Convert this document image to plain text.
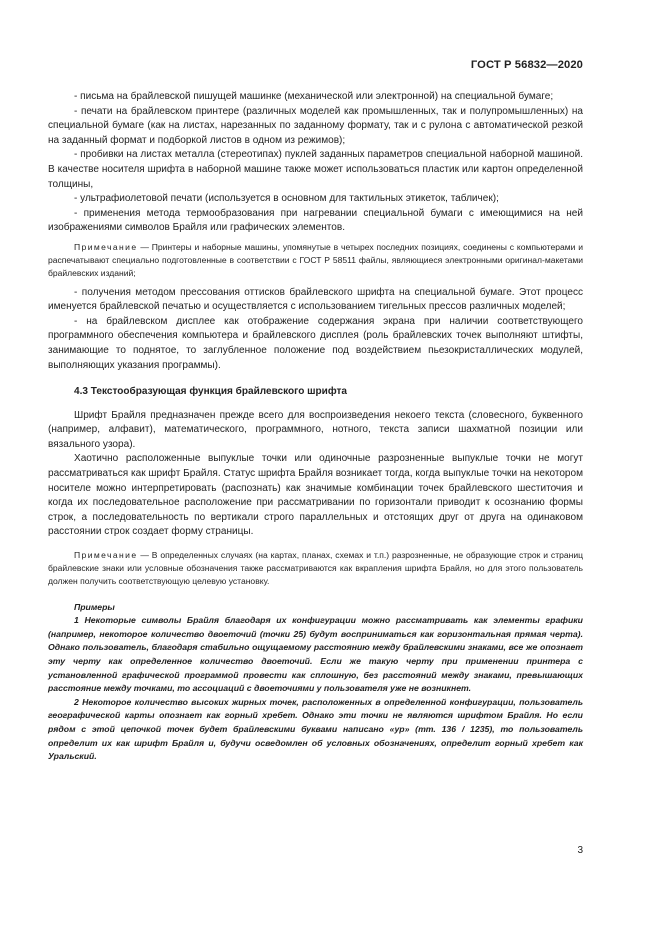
ГОСТ Р 56832—2020

- письма на брайлевской пишущей машинке (механической или электронной) на специальной бумаге;

- печати на брайлевском принтере (различных моделей как промышленных, так и полупромышленных) на специальной бумаге (как на листах, нарезанных по заданному формату, так и с рулона с автоматической резкой на заданный формат и подборкой листов в одном из режимов);

- пробивки на листах металла (стереотипах) пуклей заданных параметров специальной наборной машиной. В качестве носителя шрифта в наборной машине также может использоваться пластик или картон определенной толщины,

- ультрафиолетовой печати (используется в основном для тактильных этикеток, табличек);

- применения метода термообразования при нагревании специальной бумаги с имеющимися на ней изображениями символов Брайля или графических элементов.

Примечание — Принтеры и наборные машины, упомянутые в четырех последних позициях, соединены с компьютерами и распечатывают специально подготовленные в соответствии с ГОСТ Р 58511 файлы, являющиеся электронными оригинал-макетами брайлевских изданий;

- получения методом прессования оттисков брайлевского шрифта на специальной бумаге. Этот процесс именуется брайлевской печатью и осуществляется с использованием тигельных прессов различных моделей;

- на брайлевском дисплее как отображение содержания экрана при наличии соответствующего программного обеспечения компьютера и брайлевского дисплея (роль брайлевских точек выполняют штифты, занимающие то поднятое, то заглубленное положение под воздействием пьезокристаллических модулей, выполняющих указания программы).

4.3 Текстообразующая функция брайлевского шрифта

Шрифт Брайля предназначен прежде всего для воспроизведения некоего текста (словесного, буквенного (например, алфавит), математического, программного, нотного, текста записи шахматной позиции или вязального узора).

Хаотично расположенные выпуклые точки или одиночные разрозненные выпуклые точки не могут рассматриваться как шрифт Брайля. Статус шрифта Брайля возникает тогда, когда выпуклые точки на некотором носителе можно интерпретировать (распознать) как значимые комбинации точек брайлевского шеститочия и когда их последовательное расположение при рассматривании по горизонтали приводит к осознанию формы строк, а последовательность по вертикали строго параллельных и отстоящих друг от друга на одинаковом расстоянии строк создает форму страницы.

Примечание — В определенных случаях (на картах, планах, схемах и т.п.) разрозненные, не образующие строк и страниц брайлевские знаки или условные обозначения также рассматриваются как вкрапления шрифта Брайля, но для этого пользователь должен получить соответствующую целевую установку.

Примеры

1 Некоторые символы Брайля благодаря их конфигурации можно рассматривать как элементы графики (например, некоторое количество двоеточий (точки 25) будут восприниматься как горизонтальная прямая черта). Однако пользователь, благодаря стабильно ощущаемому расстоянию между брайлевскими знаками, все же опознает эту черту как определенное количество двоеточий. Если же такую черту при применении принтера с установленной графической программой провести как сплошную, без расстояний между знаками, превышающих расстояние между точками, то ассоциаций с двоеточиями у пользователя уже не возникнет.

2 Некоторое количество высоких жирных точек, расположенных в определенной конфигурации, пользователь географической карты опознает как горный хребет. Однако эти точки не являются шрифтом Брайля. Но если рядом с этой цепочкой точек будет брайлевскими буквами написано «ур» (тт. 136 / 1235), то пользователь определит их как шрифт Брайля и, будучи осведомлен об условных обозначениях, определит горный хребет как Уральский.

3
